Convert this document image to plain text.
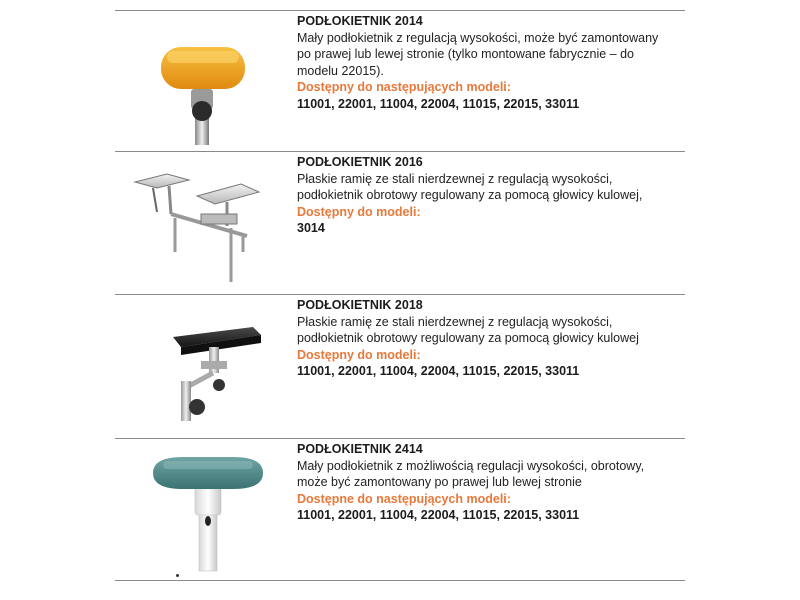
PODŁOKIETNIK 2014
Mały podłokietnik z regulacją wysokości, może być zamontowany
po prawej lub lewej stronie (tylko montowane fabrycznie – do
modelu 22015).
Dostępny do następujących modeli:
11001, 22001, 11004, 22004, 11015, 22015, 33011
PODŁOKIETNIK 2016
Płaskie ramię ze stali nierdzewnej z regulacją wysokości,
podłokietnik obrotowy regulowany za pomocą głowicy kulowej,
Dostępny do modeli:
3014
PODŁOKIETNIK 2018
Płaskie ramię ze stali nierdzewnej z regulacją wysokości,
podłokietnik obrotowy regulowany za pomocą głowicy kulowej
Dostępny do modeli:
11001, 22001, 11004, 22004, 11015, 22015, 33011
PODŁOKIETNIK 2414
Mały podłokietnik z możliwością regulacji wysokości, obrotowy,
może być zamontowany po prawej lub lewej stronie
Dostępne do następujących modeli:
11001, 22001, 11004, 22004, 11015, 22015, 33011
